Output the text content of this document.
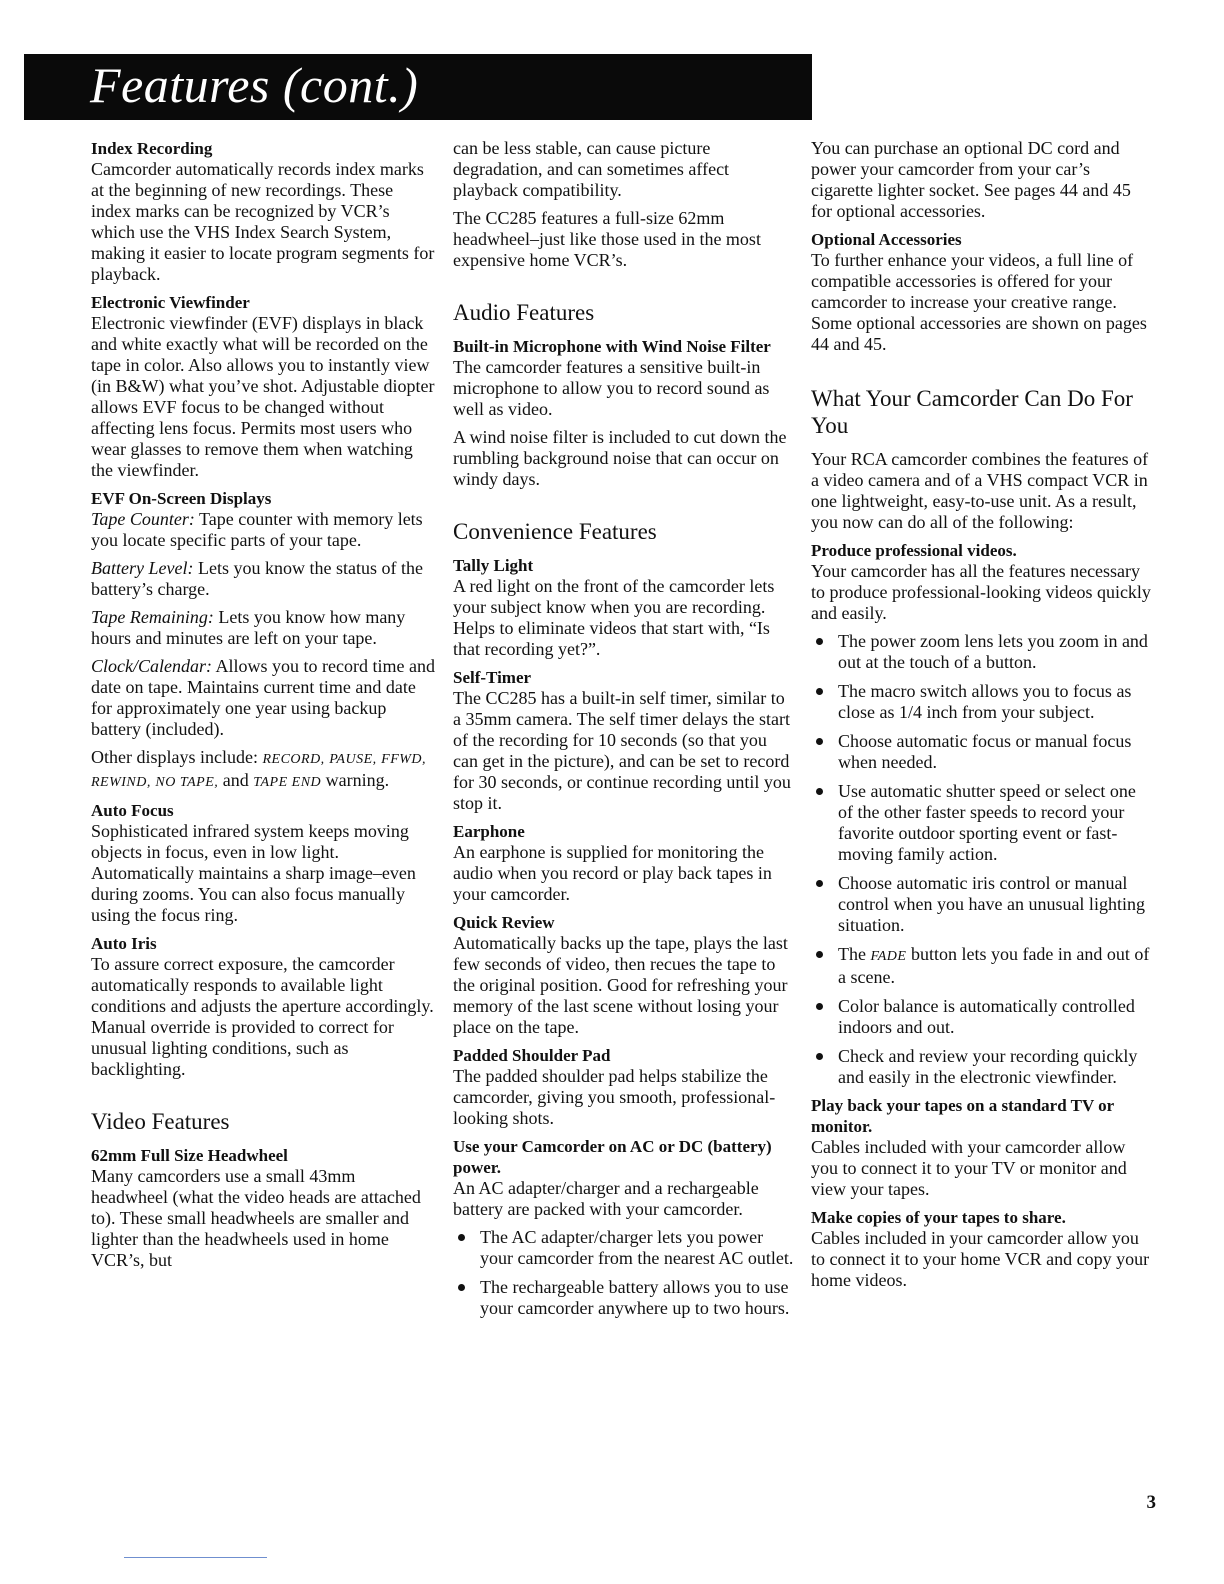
Features (cont.)
Index Recording

Camcorder automatically records index marks at the beginning of new recordings. These index marks can be recognized by VCR’s which use the VHS Index Search System, making it easier to locate program segments for playback.

Electronic Viewfinder

Electronic viewfinder (EVF) displays in black and white exactly what will be recorded on the tape in color. Also allows you to instantly view (in B&W) what you’ve shot. Adjustable diopter allows EVF focus to be changed without affecting lens focus. Permits most users who wear glasses to remove them when watching the viewfinder.

EVF On-Screen Displays

Tape Counter: Tape counter with memory lets you locate specific parts of your tape.

Battery Level: Lets you know the status of the battery’s charge.

Tape Remaining: Lets you know how many hours and minutes are left on your tape.

Clock/Calendar: Allows you to record time and date on tape. Maintains current time and date for approximately one year using backup battery (included).

Other displays include: RECORD, PAUSE, FFWD, REWIND, NO TAPE, and TAPE END warning.

Auto Focus

Sophisticated infrared system keeps moving objects in focus, even in low light. Automatically maintains a sharp image–even during zooms. You can also focus manually using the focus ring.

Auto Iris

To assure correct exposure, the camcorder automatically responds to available light conditions and adjusts the aperture accordingly. Manual override is provided to correct for unusual lighting conditions, such as backlighting.

Video Features
62mm Full Size Headwheel

Many camcorders use a small 43mm headwheel (what the video heads are attached to). These small headwheels are smaller and lighter than the headwheels used in home VCR’s, but

can be less stable, can cause picture degradation, and can sometimes affect playback compatibility.

The CC285 features a full-size 62mm headwheel–just like those used in the most expensive home VCR’s.

Audio Features
Built-in Microphone with Wind Noise Filter

The camcorder features a sensitive built-in microphone to allow you to record sound as well as video.

A wind noise filter is included to cut down the rumbling background noise that can occur on windy days.

Convenience Features
Tally Light

A red light on the front of the camcorder lets your subject know when you are recording. Helps to eliminate videos that start with, “Is that recording yet?”.

Self-Timer

The CC285 has a built-in self timer, similar to a 35mm camera. The self timer delays the start of the recording for 10 seconds (so that you can get in the picture), and can be set to record for 30 seconds, or continue recording until you stop it.

Earphone

An earphone is supplied for monitoring the audio when you record or play back tapes in your camcorder.

Quick Review

Automatically backs up the tape, plays the last few seconds of video, then recues the tape to the original position. Good for refreshing your memory of the last scene without losing your place on the tape.

Padded Shoulder Pad

The padded shoulder pad helps stabilize the camcorder, giving you smooth, professional-looking shots.

Use your Camcorder on AC or DC (battery) power.

An AC adapter/charger and a rechargeable battery are packed with your camcorder.

The AC adapter/charger lets you power your camcorder from the nearest AC outlet.
The rechargeable battery allows you to use your camcorder anywhere up to two hours.

You can purchase an optional DC cord and power your camcorder from your car’s cigarette lighter socket. See pages 44 and 45 for optional accessories.

Optional Accessories

To further enhance your videos, a full line of compatible accessories is offered for your camcorder to increase your creative range. Some optional accessories are shown on pages 44 and 45.

What Your Camcorder Can Do For You

Your RCA camcorder combines the features of a video camera and of a VHS compact VCR in one lightweight, easy-to-use unit. As a result, you now can do all of the following:

Produce professional videos.

Your camcorder has all the features necessary to produce professional-looking videos quickly and easily.

The power zoom lens lets you zoom in and out at the touch of a button.
The macro switch allows you to focus as close as 1/4 inch from your subject.
Choose automatic focus or manual focus when needed.
Use automatic shutter speed or select one of the other faster speeds to record your favorite outdoor sporting event or fast-moving family action.
Choose automatic iris control or manual control when you have an unusual lighting situation.
The FADE button lets you fade in and out of a scene.
Color balance is automatically controlled indoors and out.
Check and review your recording quickly and easily in the electronic viewfinder.
Play back your tapes on a standard TV or monitor.

Cables included with your camcorder allow you to connect it to your TV or monitor and view your tapes.

Make copies of your tapes to share.

Cables included in your camcorder allow you to connect it to your home VCR and copy your home videos.

3
